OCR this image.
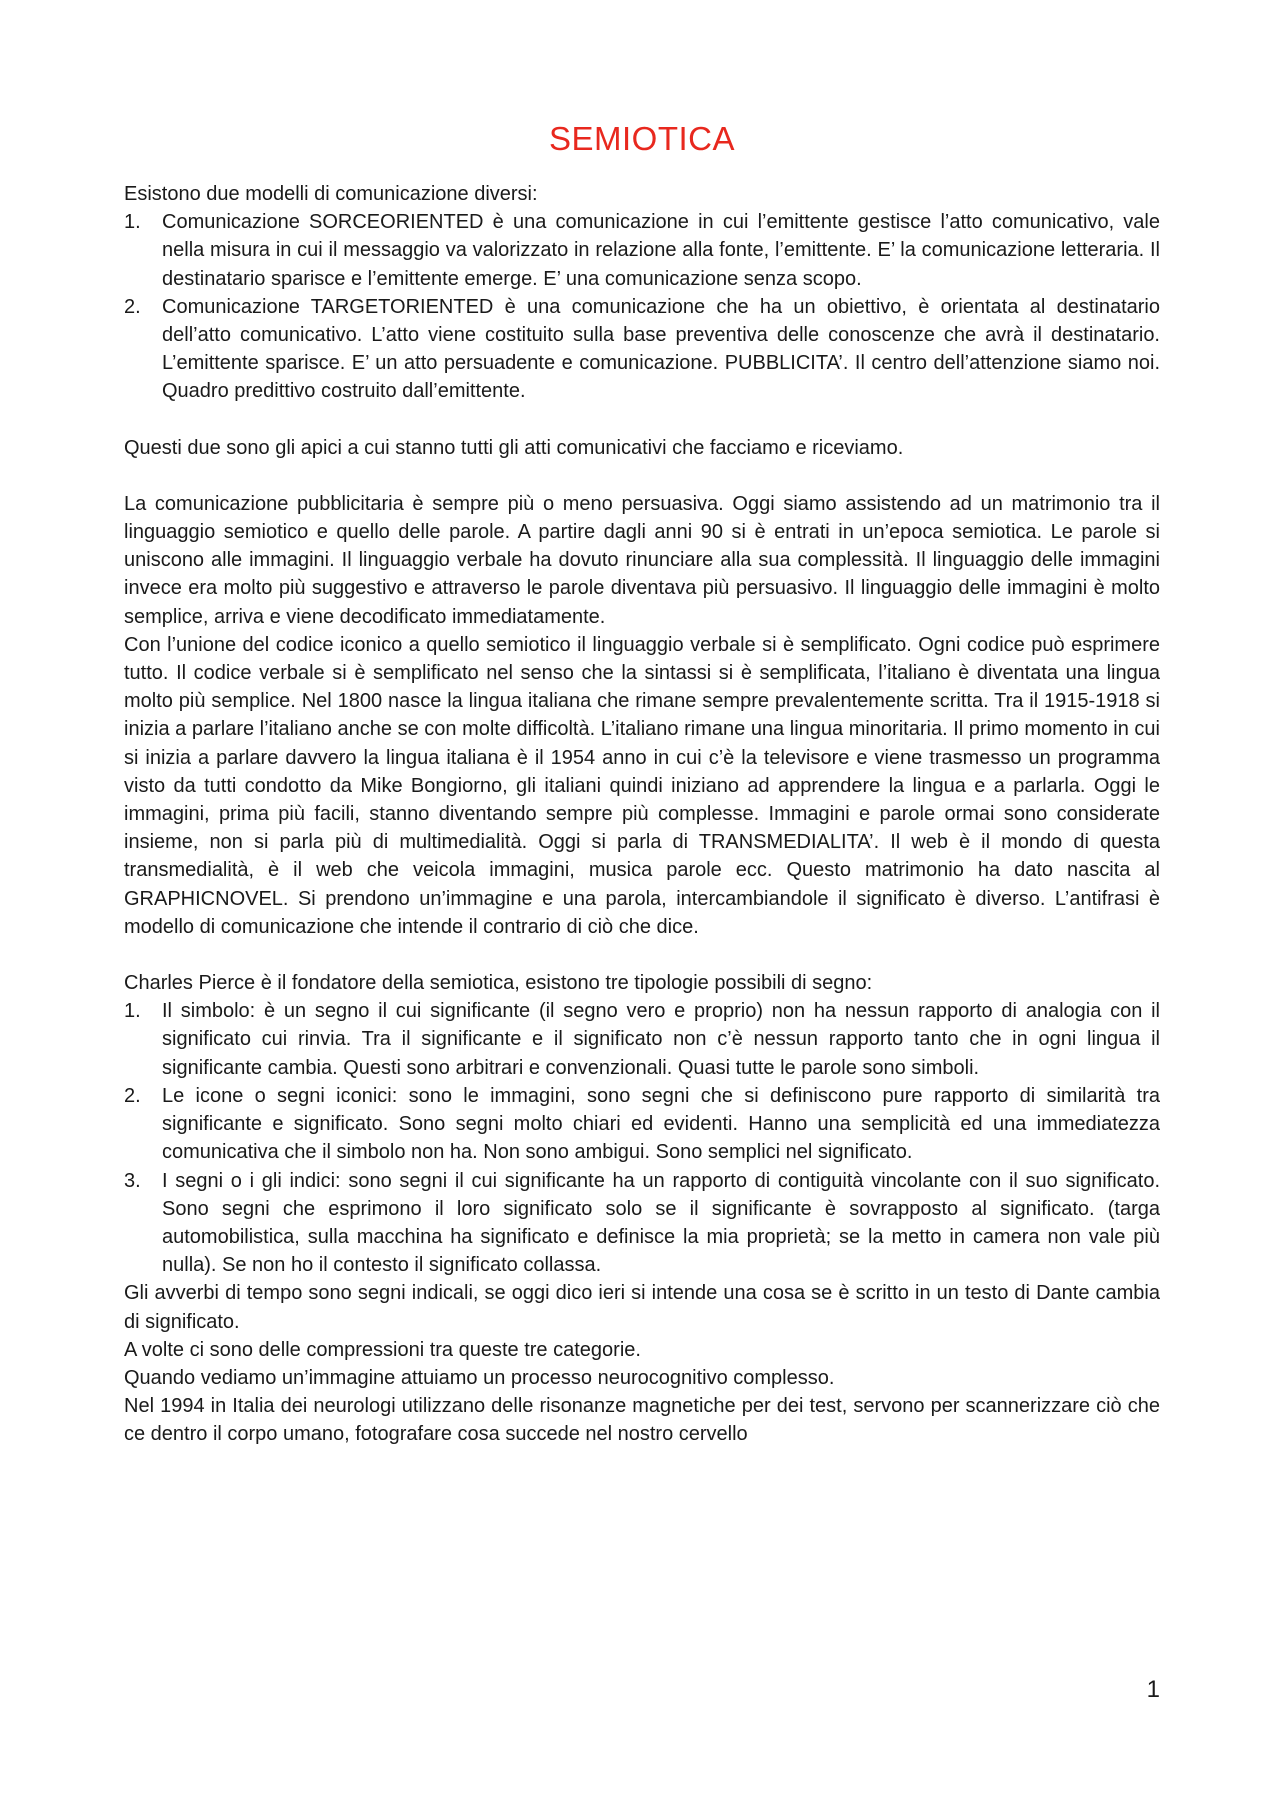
SEMIOTICA

Esistono due modelli di comunicazione diversi:

1.	Comunicazione SORCEORIENTED è una comunicazione in cui l’emittente gestisce l’atto comunicativo, vale nella misura in cui il messaggio va valorizzato in relazione alla fonte, l’emittente. E’ la comunicazione letteraria. Il destinatario sparisce e l’emittente emerge. E’ una comunicazione senza scopo.
2.	Comunicazione TARGETORIENTED è una comunicazione che ha un obiettivo, è orientata al destinatario dell’atto comunicativo. L’atto viene costituito sulla base preventiva delle conoscenze che avrà il destinatario. L’emittente sparisce. E’ un atto persuadente e comunicazione. PUBBLICITA’. Il centro dell’attenzione siamo noi. Quadro predittivo costruito dall’emittente.

Questi due sono gli apici a cui stanno tutti gli atti comunicativi che facciamo e riceviamo.

La comunicazione pubblicitaria è sempre più o meno persuasiva. Oggi siamo assistendo ad un matrimonio tra il linguaggio semiotico e quello delle parole. A partire dagli anni 90 si è entrati in un’epoca semiotica. Le parole si uniscono alle immagini. Il linguaggio verbale ha dovuto rinunciare alla sua complessità. Il linguaggio delle immagini invece era molto più suggestivo e attraverso le parole diventava più persuasivo. Il linguaggio delle immagini è molto semplice, arriva e viene decodificato immediatamente.

Con l’unione del codice iconico a quello semiotico il linguaggio verbale si è semplificato. Ogni codice può esprimere tutto. Il codice verbale si è semplificato nel senso che la sintassi si è semplificata, l’italiano è diventata una lingua molto più semplice. Nel 1800 nasce la lingua italiana che rimane sempre prevalentemente scritta. Tra il 1915-1918 si inizia a parlare l’italiano anche se con molte difficoltà. L’italiano rimane una lingua minoritaria. Il primo momento in cui si inizia a parlare davvero la lingua italiana è il 1954 anno in cui c’è la televisore e viene trasmesso un programma visto da tutti condotto da Mike Bongiorno, gli italiani quindi iniziano ad apprendere la lingua e a parlarla. Oggi le immagini, prima più facili, stanno diventando sempre più complesse. Immagini e parole ormai sono considerate insieme, non si parla più di multimedialità. Oggi si parla di TRANSMEDIALITA’. Il web è il mondo di questa transmedialità, è il web che veicola immagini, musica parole ecc. Questo matrimonio ha dato nascita al GRAPHICNOVEL. Si prendono un’immagine e una parola, intercambiandole il significato è diverso. L’antifrasi è modello di comunicazione che intende il contrario di ciò che dice.

Charles Pierce è il fondatore della semiotica, esistono tre tipologie possibili di segno:

1.	Il simbolo: è un segno il cui significante (il segno vero e proprio) non ha nessun rapporto di analogia con il significato cui rinvia. Tra il significante e il significato non c’è nessun rapporto tanto che in ogni lingua il significante cambia. Questi sono arbitrari e convenzionali. Quasi tutte le parole sono simboli.
2.	Le icone o segni iconici: sono le immagini, sono segni che si definiscono pure rapporto di similarità tra significante e significato. Sono segni molto chiari ed evidenti. Hanno una semplicità ed una immediatezza comunicativa che il simbolo non ha. Non sono ambigui. Sono semplici nel significato.
3.	I segni o i gli indici: sono segni il cui significante ha un rapporto di contiguità vincolante con il suo significato. Sono segni che esprimono il loro significato solo se il significante è sovrapposto al significato. (targa automobilistica, sulla macchina ha significato e definisce la mia proprietà; se la metto in camera non vale più nulla). Se non ho il contesto il significato collassa.

Gli avverbi di tempo sono segni indicali, se oggi dico ieri si intende una cosa se è scritto in un testo di Dante cambia di significato.

A volte ci sono delle compressioni tra queste tre categorie.

Quando vediamo un’immagine attuiamo un processo neurocognitivo complesso.

Nel 1994 in Italia dei neurologi utilizzano delle risonanze magnetiche per dei test, servono per scannerizzare ciò che ce dentro il corpo umano, fotografare cosa succede nel nostro cervello

1
